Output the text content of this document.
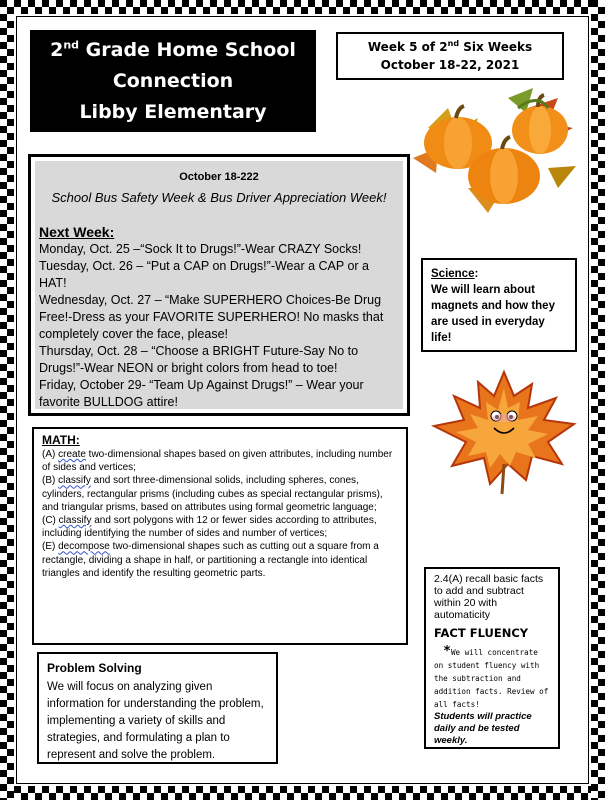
2nd Grade Home School
Connection
Libby Elementary
Week 5 of 2nd Six Weeks
October 18-22, 2021
October 18-222
School Bus Safety Week & Bus Driver Appreciation Week!
Next Week:
Monday, Oct. 25 –“Sock It to Drugs!”-Wear CRAZY Socks!
Tuesday, Oct. 26 – “Put a CAP on Drugs!”-Wear a CAP or a HAT!
Wednesday, Oct. 27 – “Make SUPERHERO Choices-Be Drug Free!-Dress as your FAVORITE SUPERHERO! No masks that completely cover the face, please!
Thursday, Oct. 28 – “Choose a BRIGHT Future-Say No to Drugs!”-Wear NEON or bright colors from head to toe!
Friday, October 29- “Team Up Against Drugs!” – Wear your favorite BULLDOG attire!
Science:
We will learn about magnets and how they are used in everyday life!
MATH:
(A) create two-dimensional shapes based on given attributes, including number of sides and vertices;
(B) classify and sort three-dimensional solids, including spheres, cones, cylinders, rectangular prisms (including cubes as special rectangular prisms), and triangular prisms, based on attributes using formal geometric language;
(C) classify and sort polygons with 12 or fewer sides according to attributes, including identifying the number of sides and number of vertices;
(E) decompose two-dimensional shapes such as cutting out a square from a rectangle, dividing a shape in half, or partitioning a rectangle into identical triangles and identify the resulting geometric parts.
Problem Solving
We will focus on analyzing given information for understanding the problem, implementing a variety of skills and strategies, and formulating a plan to represent and solve the problem.
2.4(A) recall basic facts to add and subtract within 20 with automaticity
FACT FLUENCY
*We will concentrate on student fluency with the subtraction and addition facts. Review of all facts!
Students will practice daily and be tested weekly.
